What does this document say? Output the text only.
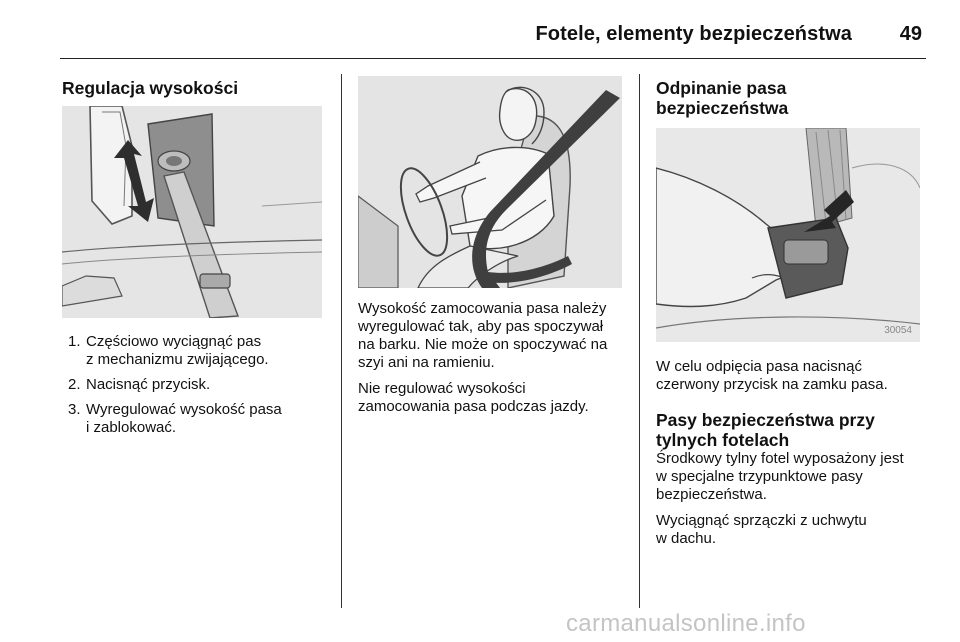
Fotele, elementy bezpieczeństwa 49
Regulacja wysokości
1. Częściowo wyciągnąć pas
z mechanizmu zwijającego.
2. Nacisnąć przycisk.
3. Wyregulować wysokość pasa
i zablokować.

Wysokość zamocowania pasa należy
wyregulować tak, aby pas spoczywał
na barku. Nie może on spoczywać na
szyi ani na ramieniu.

Nie regulować wysokości
zamocowania pasa podczas jazdy.

Odpinanie pasa
bezpieczeństwa
30054

W celu odpięcia pasa nacisnąć
czerwony przycisk na zamku pasa.

Pasy bezpieczeństwa przy
tylnych fotelach

Środkowy tylny fotel wyposażony jest
w specjalne trzypunktowe pasy
bezpieczeństwa.

Wyciągnąć sprzączki z uchwytu
w dachu.

carmanualsonline.info
